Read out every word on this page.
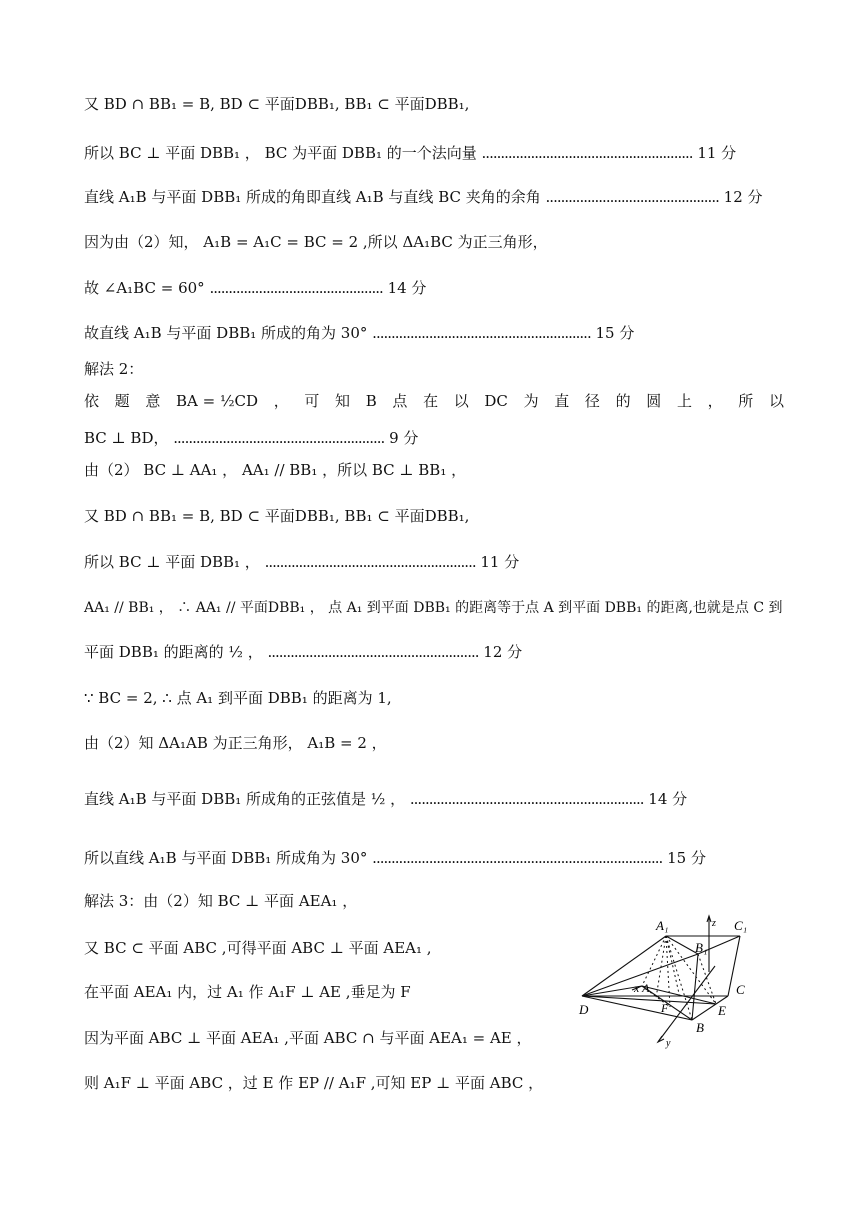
又 BD ∩ BB₁ = B, BD ⊂ 平面DBB₁, BB₁ ⊂ 平面DBB₁,
所以 BC ⊥ 平面 DBB₁ ， BC 为平面 DBB₁ 的一个法向量 ........................................................ 11 分
直线 A₁B 与平面 DBB₁ 所成的角即直线 A₁B 与直线 BC 夹角的余角 .............................................. 12 分
因为由（2）知， A₁B = A₁C = BC = 2 ,所以 ΔA₁BC 为正三角形，
故 ∠A₁BC = 60° .............................................. 14 分
故直线 A₁B 与平面 DBB₁ 所成的角为 30° .......................................................... 15 分
解法 2：
依 题 意 BA = ½CD ， 可 知 B 点 在 以 DC 为 直 径 的 圆 上 ， 所 以
BC ⊥ BD， ........................................................ 9 分
由（2） BC ⊥ AA₁ ， AA₁ // BB₁ ，所以 BC ⊥ BB₁ ，
又 BD ∩ BB₁ = B, BD ⊂ 平面DBB₁, BB₁ ⊂ 平面DBB₁,
所以 BC ⊥ 平面 DBB₁ ， ........................................................ 11 分
AA₁ // BB₁ ， ∴ AA₁ // 平面DBB₁ ， 点 A₁ 到平面 DBB₁ 的距离等于点 A 到平面 DBB₁ 的距离,也就是点 C 到
平面 DBB₁ 的距离的 ½ ， ........................................................ 12 分
∵ BC = 2, ∴ 点 A₁ 到平面 DBB₁ 的距离为 1,
由（2）知 ΔA₁AB 为正三角形， A₁B = 2 ，
直线 A₁B 与平面 DBB₁ 所成角的正弦值是 ½ ， .............................................................. 14 分
所以直线 A₁B 与平面 DBB₁ 所成角为 30° ............................................................................. 15 分
解法 3：由（2）知 BC ⊥ 平面 AEA₁ ，
又 BC ⊂ 平面 ABC ,可得平面 ABC ⊥ 平面 AEA₁ ,
在平面 AEA₁ 内，过 A₁ 作 A₁F ⊥ AE ,垂足为 F
因为平面 ABC ⊥ 平面 AEA₁ ,平面 ABC ∩ 与平面 AEA₁ = AE ，
则 A₁F ⊥ 平面 ABC ，过 E 作 EP // A₁F ,可知 EP ⊥ 平面 ABC ，
A₁	z C₁
B₁
C
x A
D	F	E
B
y
